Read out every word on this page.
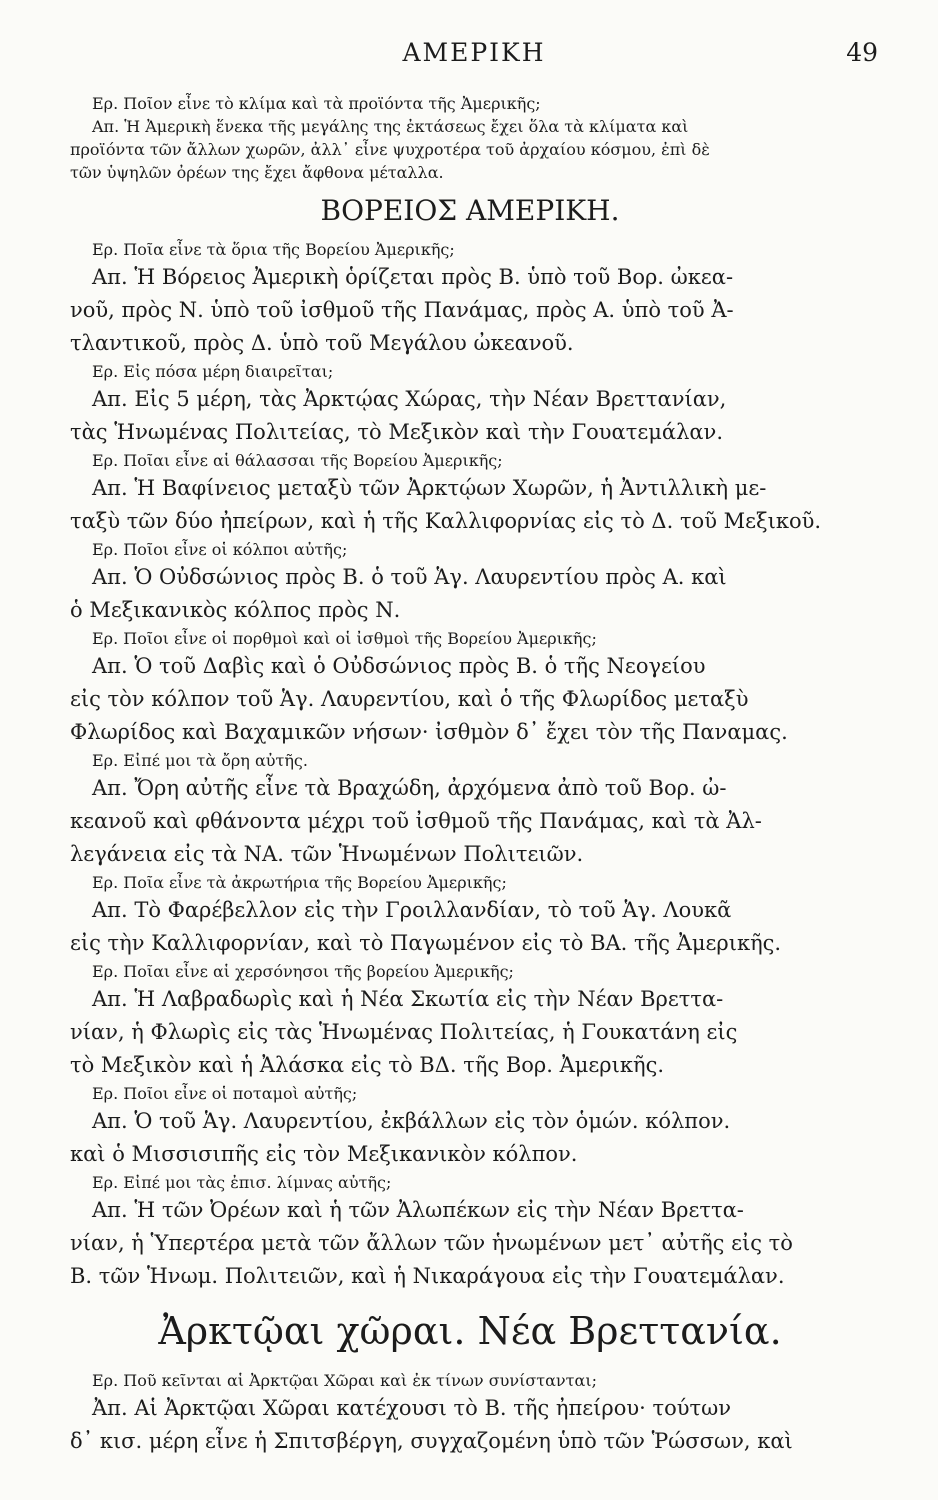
ΑΜΕΡΙΚΗ	49

Ερ. Ποῖον εἶνε τὸ κλίμα καὶ τὰ προϊόντα τῆς Ἀμερικῆς;

Απ. Ἡ Ἀμερικὴ ἕνεκα τῆς μεγάλης της ἐκτάσεως ἔχει ὅλα τὰ κλίματα καὶ

προϊόντα τῶν ἄλλων χωρῶν, ἀλλ᾽ εἶνε ψυχροτέρα τοῦ ἀρχαίου κόσμου, ἐπὶ δὲ

τῶν ὑψηλῶν ὀρέων της ἔχει ἄφθονα μέταλλα.

ΒΟΡΕΙΟΣ ΑΜΕΡΙΚΗ.

Ερ. Ποῖα εἶνε τὰ ὅρια τῆς Βορείου Ἀμερικῆς;

Απ. Ἡ Βόρειος Ἀμερικὴ ὁρίζεται πρὸς Β. ὑπὸ τοῦ Βορ. ὠκεα-

νοῦ, πρὸς Ν. ὑπὸ τοῦ ἰσθμοῦ τῆς Πανάμας, πρὸς Α. ὑπὸ τοῦ Ἀ-

τλαντικοῦ, πρὸς Δ. ὑπὸ τοῦ Μεγάλου ὠκεανοῦ.

Ερ. Εἰς πόσα μέρη διαιρεῖται;

Απ. Εἰς 5 μέρη, τὰς Ἀρκτῴας Χώρας, τὴν Νέαν Βρεττανίαν,

τὰς Ἡνωμένας Πολιτείας, τὸ Μεξικὸν καὶ τὴν Γουατεμάλαν.

Ερ. Ποῖαι εἶνε αἱ θάλασσαι τῆς Βορείου Ἀμερικῆς;

Απ. Ἡ Βαφίνειος μεταξὺ τῶν Ἀρκτῴων Χωρῶν, ἡ Ἀντιλλικὴ με-

ταξὺ τῶν δύο ἠπείρων, καὶ ἡ τῆς Καλλιφορνίας εἰς τὸ Δ. τοῦ Μεξικοῦ.

Ερ. Ποῖοι εἶνε οἱ κόλποι αὐτῆς;

Απ. Ὁ Οὐδσώνιος πρὸς Β. ὁ τοῦ Ἁγ. Λαυρεντίου πρὸς Α. καὶ

ὁ Μεξικανικὸς κόλπος πρὸς Ν.

Ερ. Ποῖοι εἶνε οἱ πορθμοὶ καὶ οἱ ἰσθμοὶ τῆς Βορείου Ἀμερικῆς;

Απ. Ὁ τοῦ Δαβὶς καὶ ὁ Οὐδσώνιος πρὸς Β. ὁ τῆς Νεογείου

εἰς τὸν κόλπον τοῦ Ἁγ. Λαυρεντίου, καὶ ὁ τῆς Φλωρίδος μεταξὺ

Φλωρίδος καὶ Βαχαμικῶν νήσων· ἰσθμὸν δ᾽ ἔχει τὸν τῆς Παναμας.

Ερ. Εἰπέ μοι τὰ ὄρη αὐτῆς.

Απ. Ὄρη αὐτῆς εἶνε τὰ Βραχώδη, ἀρχόμενα ἀπὸ τοῦ Βορ. ὠ-

κεανοῦ καὶ φθάνοντα μέχρι τοῦ ἰσθμοῦ τῆς Πανάμας, καὶ τὰ Ἀλ-

λεγάνεια εἰς τὰ ΝΑ. τῶν Ἡνωμένων Πολιτειῶν.

Ερ. Ποῖα εἶνε τὰ ἀκρωτήρια τῆς Βορείου Ἀμερικῆς;

Απ. Τὸ Φαρέβελλον εἰς τὴν Γροιλλανδίαν, τὸ τοῦ Ἁγ. Λουκᾶ

εἰς τὴν Καλλιφορνίαν, καὶ τὸ Παγωμένον εἰς τὸ ΒΑ. τῆς Ἀμερικῆς.

Ερ. Ποῖαι εἶνε αἱ χερσόνησοι τῆς βορείου Ἀμερικῆς;

Απ. Ἡ Λαβραδωρὶς καὶ ἡ Νέα Σκωτία εἰς τὴν Νέαν Βρεττα-

νίαν, ἡ Φλωρὶς εἰς τὰς Ἡνωμένας Πολιτείας, ἡ Γουκατάνη εἰς

τὸ Μεξικὸν καὶ ἡ Ἀλάσκα εἰς τὸ ΒΔ. τῆς Βορ. Ἀμερικῆς.

Ερ. Ποῖοι εἶνε οἱ ποταμοὶ αὐτῆς;

Απ. Ὁ τοῦ Ἁγ. Λαυρεντίου, ἐκβάλλων εἰς τὸν ὁμών. κόλπον.

καὶ ὁ Μισσισιπῆς εἰς τὸν Μεξικανικὸν κόλπον.

Ερ. Εἰπέ μοι τὰς ἐπισ. λίμνας αὐτῆς;

Απ. Ἡ τῶν Ὀρέων καὶ ἡ τῶν Ἀλωπέκων εἰς τὴν Νέαν Βρεττα-

νίαν, ἡ Ὑπερτέρα μετὰ τῶν ἄλλων τῶν ἡνωμένων μετ᾽ αὐτῆς εἰς τὸ

Β. τῶν Ἡνωμ. Πολιτειῶν, καὶ ἡ Νικαράγουα εἰς τὴν Γουατεμάλαν.

Ἀρκτῷαι χῶραι. Νέα Βρεττανία.

Ερ. Ποῦ κεῖνται αἱ Ἀρκτῷαι Χῶραι καὶ ἐκ τίνων συνίστανται;

Ἀπ. Αἱ Ἀρκτῷαι Χῶραι κατέχουσι τὸ Β. τῆς ἠπείρου· τούτων

δ᾽ κισ. μέρη εἶνε ἡ Σπιτσβέργη, συγχαζομένη ὑπὸ τῶν Ῥώσσων, καὶ
